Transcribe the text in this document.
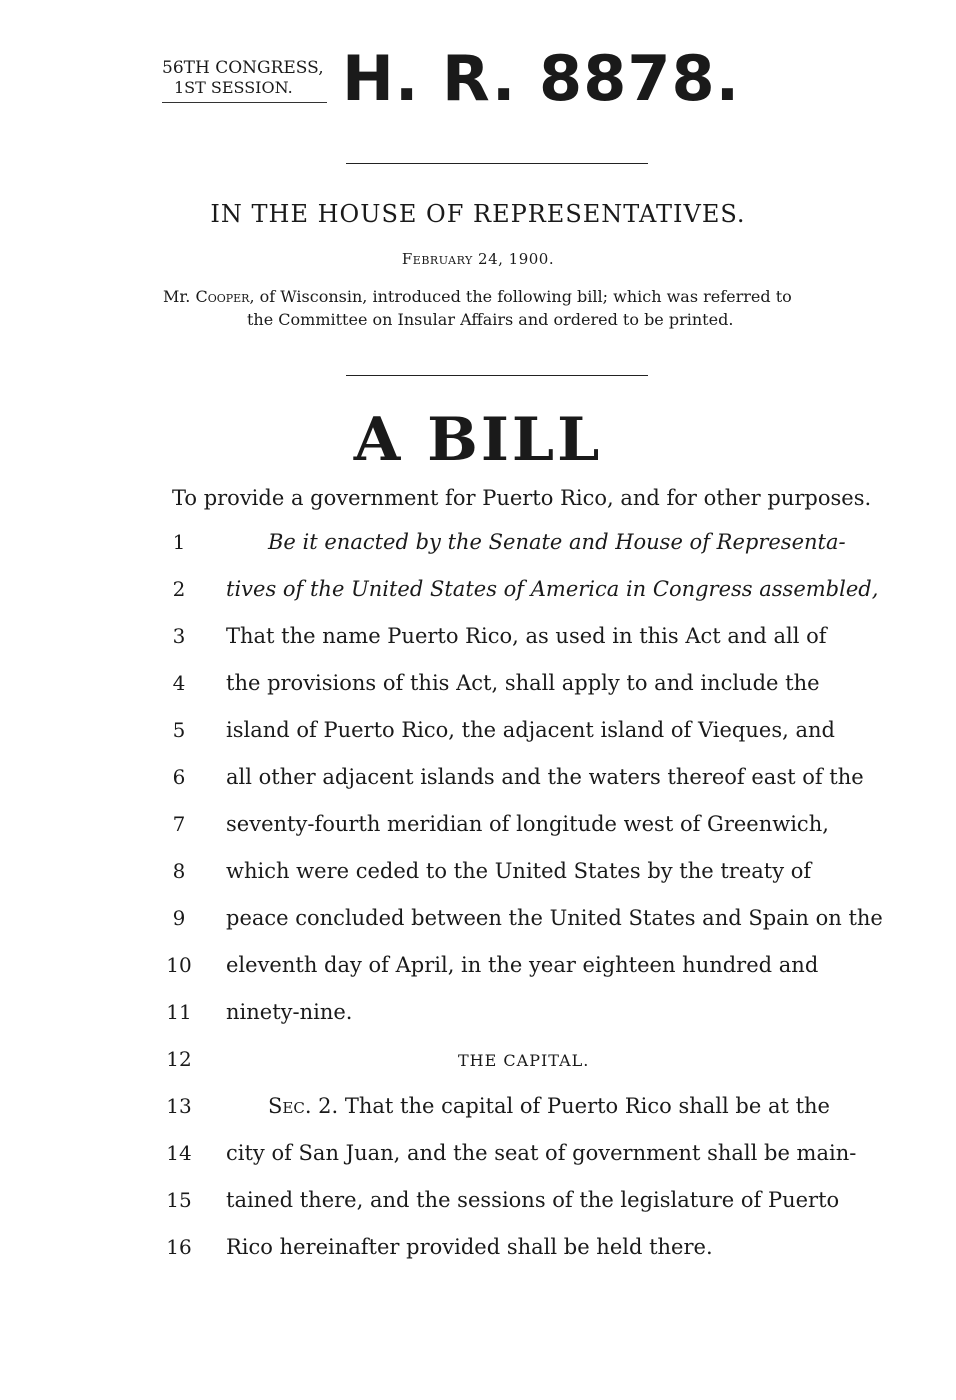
56TH CONGRESS,
1ST SESSION. H. R. 8878.
IN THE HOUSE OF REPRESENTATIVES.
February 24, 1900.
Mr. Cooper, of Wisconsin, introduced the following bill; which was referred to
the Committee on Insular Affairs and ordered to be printed.
A BILL
To provide a government for Puerto Rico, and for other purposes.
1	Be it enacted by the Senate and House of Representa-
2	tives of the United States of America in Congress assembled,
3	That the name Puerto Rico, as used in this Act and all of
4	the provisions of this Act, shall apply to and include the
5	island of Puerto Rico, the adjacent island of Vieques, and
6	all other adjacent islands and the waters thereof east of the
7	seventy-fourth meridian of longitude west of Greenwich,
8	which were ceded to the United States by the treaty of
9	peace concluded between the United States and Spain on the
10	eleventh day of April, in the year eighteen hundred and
11	ninety-nine.
12	THE CAPITAL.
13	Sec. 2. That the capital of Puerto Rico shall be at the
14	city of San Juan, and the seat of government shall be main-
15	tained there, and the sessions of the legislature of Puerto
16	Rico hereinafter provided shall be held there.
